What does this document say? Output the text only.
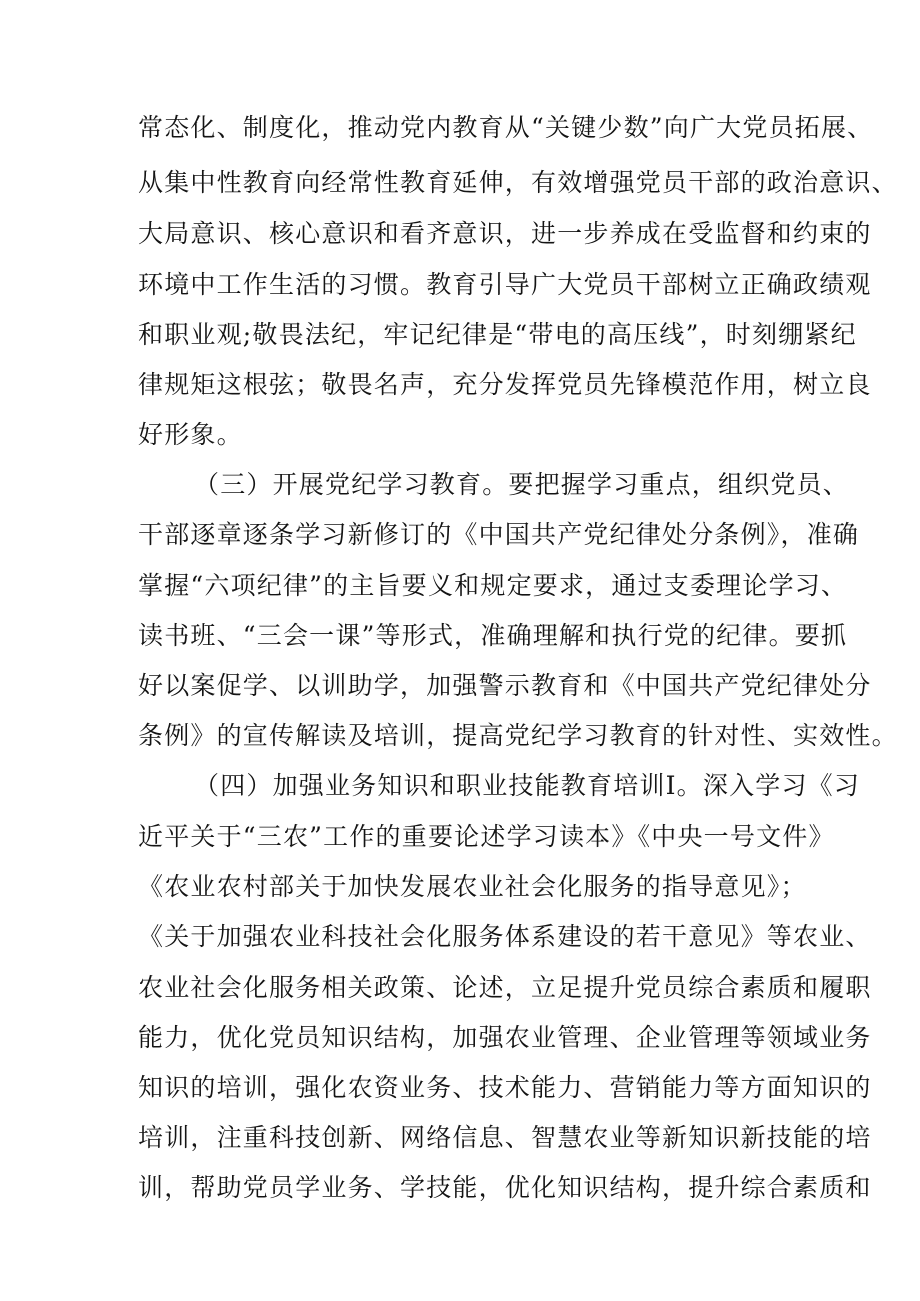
常态化、制度化，推动党内教育从“关键少数”向广大党员拓展、
从集中性教育向经常性教育延伸，有效增强党员干部的政治意识、
大局意识、核心意识和看齐意识，进一步养成在受监督和约束的
环境中工作生活的习惯。教育引导广大党员干部树立正确政绩观
和职业观;敬畏法纪，牢记纪律是“带电的高压线”，时刻绷紧纪
律规矩这根弦；敬畏名声，充分发挥党员先锋模范作用，树立良
好形象。
（三）开展党纪学习教育。要把握学习重点，组织党员、
干部逐章逐条学习新修订的《中国共产党纪律处分条例》，准确
掌握“六项纪律”的主旨要义和规定要求，通过支委理论学习、
读书班、“三会一课”等形式，准确理解和执行党的纪律。要抓
好以案促学、以训助学，加强警示教育和《中国共产党纪律处分
条例》的宣传解读及培训，提高党纪学习教育的针对性、实效性。
（四）加强业务知识和职业技能教育培训I。深入学习《习
近平关于“三农”工作的重要论述学习读本》《中央一号文件》
《农业农村部关于加快发展农业社会化服务的指导意见》；
《关于加强农业科技社会化服务体系建设的若干意见》等农业、
农业社会化服务相关政策、论述，立足提升党员综合素质和履职
能力，优化党员知识结构，加强农业管理、企业管理等领域业务
知识的培训，强化农资业务、技术能力、营销能力等方面知识的
培训，注重科技创新、网络信息、智慧农业等新知识新技能的培
训，帮助党员学业务、学技能，优化知识结构，提升综合素质和
